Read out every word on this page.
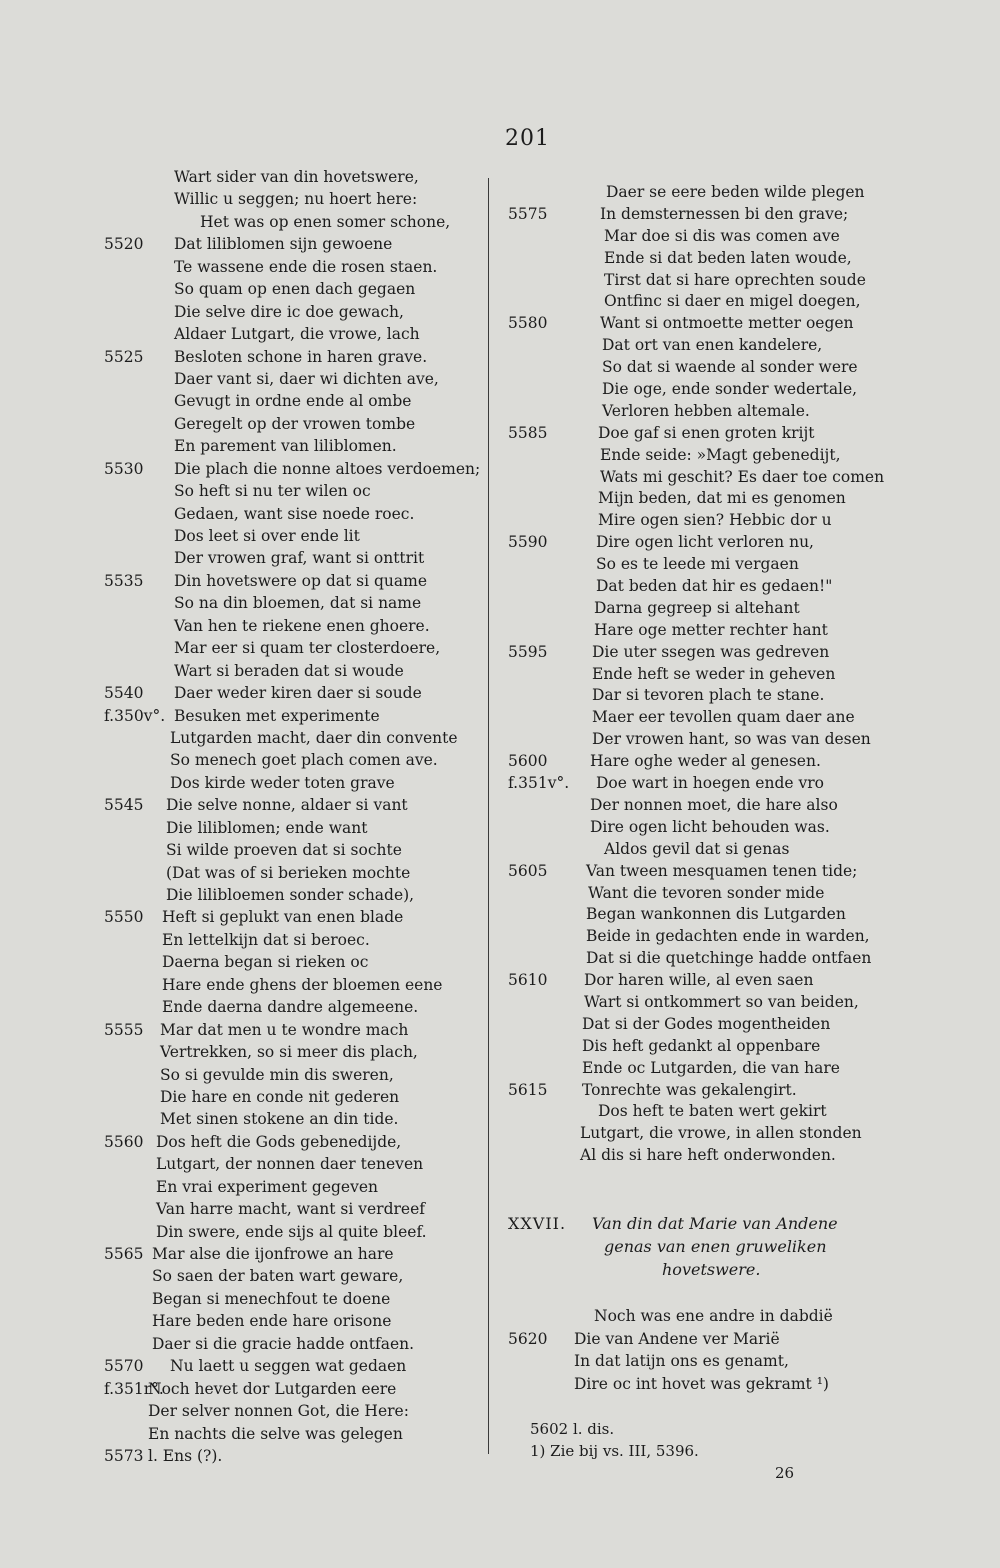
201
Wart sider van din hovetswere,
Willic u seggen; nu hoert here:
Het was op enen somer schone,
5520 Dat liliblomen sijn gewoene
Te wassene ende die rosen staen.
So quam op enen dach gegaen
Die selve dire ic doe gewach,
Aldaer Lutgart, die vrowe, lach
5525 Besloten schone in haren grave.
Daer vant si, daer wi dichten ave,
Gevugt in ordne ende al ombe
Geregelt op der vrowen tombe
En parement van liliblomen.
5530 Die plach die nonne altoes verdoemen;
So heft si nu ter wilen oc
Gedaen, want sise noede roec.
Dos leet si over ende lit
Der vrowen graf, want si onttrit
5535 Din hovetswere op dat si quame
So na din bloemen, dat si name
Van hen te riekene enen ghoere.
Mar eer si quam ter closterdoere,
Wart si beraden dat si woude
5540 Daer weder kiren daer si soude
f.350v°. Besuken met experimente
Lutgarden macht, daer din convente
So menech goet plach comen ave.
Dos kirde weder toten grave
5545 Die selve nonne, aldaer si vant
Die liliblomen; ende want
Si wilde proeven dat si sochte
(Dat was of si berieken mochte
Die lilibloemen sonder schade),
5550 Heft si geplukt van enen blade
En lettelkijn dat si beroec.
Daerna began si rieken oc
Hare ende ghens der bloemen eene
Ende daerna dandre algemeene.
5555 Mar dat men u te wondre mach
Vertrekken, so si meer dis plach,
So si gevulde min dis sweren,
Die hare en conde nit gederen
Met sinen stokene an din tide.
5560 Dos heft die Gods gebenedijde,
Lutgart, der nonnen daer teneven
En vrai experiment gegeven
Van harre macht, want si verdreef
Din swere, ende sijs al quite bleef.
5565 Mar alse die ijonfrowe an hare
So saen der baten wart geware,
Began si menechfout te doene
Hare beden ende hare orisone
Daer si die gracie hadde ontfaen.
5570 Nu laett u seggen wat gedaen
f.351r°.
Noch hevet dor Lutgarden eere
Der selver nonnen Got, die Here:
En nachts die selve was gelegen
5573 l. Ens (?).
Daer se eere beden wilde plegen
5575	In demsternessen bi den grave;
Mar doe si dis was comen ave
Ende si dat beden laten woude,
Tirst dat si hare oprechten soude
Ontfinc si daer en migel doegen,
5580	Want si ontmoette metter oegen
Dat ort van enen kandelere,
So dat si waende al sonder were
Die oge, ende sonder wedertale,
Verloren hebben altemale.
5585	Doe gaf si enen groten krijt
Ende seide: »Magt gebenedijt,
Wats mi geschit? Es daer toe comen
Mijn beden, dat mi es genomen
Mire ogen sien? Hebbic dor u
5590	Dire ogen licht verloren nu,
So es te leede mi vergaen
Dat beden dat hir es gedaen!"
Darna gegreep si altehant
Hare oge metter rechter hant
5595	Die uter ssegen was gedreven
Ende heft se weder in geheven
Dar si tevoren plach te stane.
Maer eer tevollen quam daer ane
Der vrowen hant, so was van desen
5600	Hare oghe weder al genesen.
f.351v°. Doe wart in hoegen ende vro
Der nonnen moet, die hare also
Dire ogen licht behouden was.
Aldos gevil dat si genas
5605 Van tween mesquamen tenen tide;
Want die tevoren sonder mide
Began wankonnen dis Lutgarden
Beide in gedachten ende in warden,
Dat si die quetchinge hadde ontfaen
5610 Dor haren wille, al even saen
Wart si ontkommert so van beiden,
Dat si der Godes mogentheiden
Dis heft gedankt al oppenbare
Ende oc Lutgarden, die van hare
5615 Tonrechte was gekalengirt.
Dos heft te baten wert gekirt
Lutgart, die vrowe, in allen stonden
Al dis si hare heft onderwonden.
XXVII. Van din dat Marie van Andene
genas van enen gruweliken
hovetswere.
Noch was ene andre in dabdië
5620 Die van Andene ver Marië
In dat latijn ons es genamt,
Dire oc int hovet was gekramt ¹)
5602 l. dis.
1) Zie bij vs. III, 5396.
26
